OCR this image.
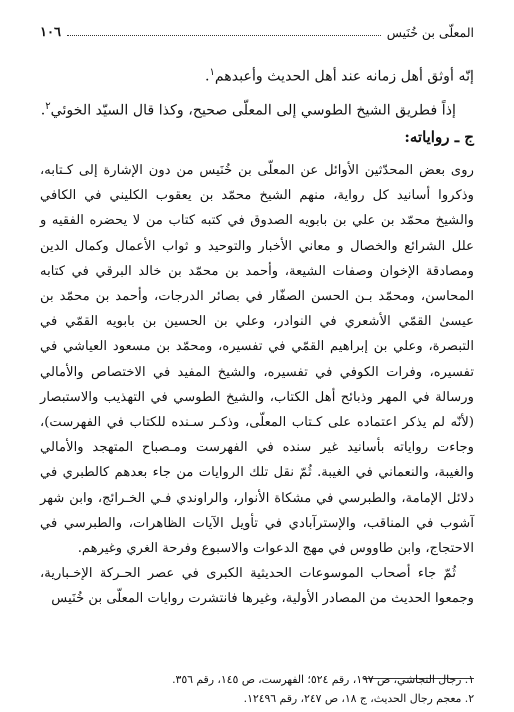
المعلّى بن خُنَيس
١٠٦

إنّه أوثق أهل زمانه عند أهل الحديث وأعبدهم$^١$.

إذاً فطريق الشيخ الطوسي إلى المعلّى صحيح، وكذا قال السيّد الخوئي$^٢$.

ج ـ رواياته:

روى بعض المحدّثين الأوائل عن المعلّى بن خُنَيس من دون الإشارة إلى كـتابه، وذكروا أسانيد كل رواية، منهم الشيخ محمّد بن يعقوب الكليني في الكافي والشيخ محمّد بن علي بن بابويه الصدوق في كتبه كتاب من لا يحضره الفقيه و علل الشرائع والخصال و معاني الأخبار والتوحيد و ثواب الأعمال وكمال الدين ومصادقة الإخوان وصفات الشيعة، وأحمد بن محمّد بن خالد البرقي في كتابه المحاسن، ومحمّد بـن الحسن الصفّار في بصائر الدرجات، وأحمد بن محمّد بن عيسىٰ القمّي الأشعري في النوادر، وعلي بن الحسين بن بابويه القمّي في التبصرة، وعلي بن إبراهيم القمّي في تفسيره، ومحمّد بن مسعود العياشي في تفسيره، وفرات الكوفي في تفسيره، والشيخ المفيد في الاختصاص والأمالي ورسالة في المهر وذبائح أهل الكتاب، والشيخ الطوسي في التهذيب والاستبصار (لأنّه لم يذكر اعتماده على كـتاب المعلّى، وذكـر سـنده للكتاب في الفهرست)، وجاءت رواياته بأسانيد غير سنده في الفهرست ومـصباح المتهجد والأمالي والغيبة، والنعماني في الغيبة. ثُمّ نقل تلك الروايات من جاء بعدهم كالطبري في دلائل الإمامة، والطبرسي في مشكاة الأنوار، والراوندي فـي الخـرائج، وابن شهر آشوب في المناقب، والإسترآبادي في تأويل الآيات الظاهرات، والطبرسي في الاحتجاج، وابن طاووس في مهج الدعوات والاسبوع وفرحة الغري وغيرهم.

ثُمّ جاء أصحاب الموسوعات الحديثية الكبرى في عصر الحـركة الإخـبارية، وجمعوا الحديث من المصادر الأولية، وغيرها فانتشرت روايات المعلّى بن خُنَيس

١. رجال النجاشي، ص ١٩٧، رقم ٥٢٤؛ الفهرست، ص ١٤٥، رقم ٣٥٦.

٢. معجم رجال الحديث، ج ١٨، ص ٢٤٧، رقم ١٢٤٩٦.
